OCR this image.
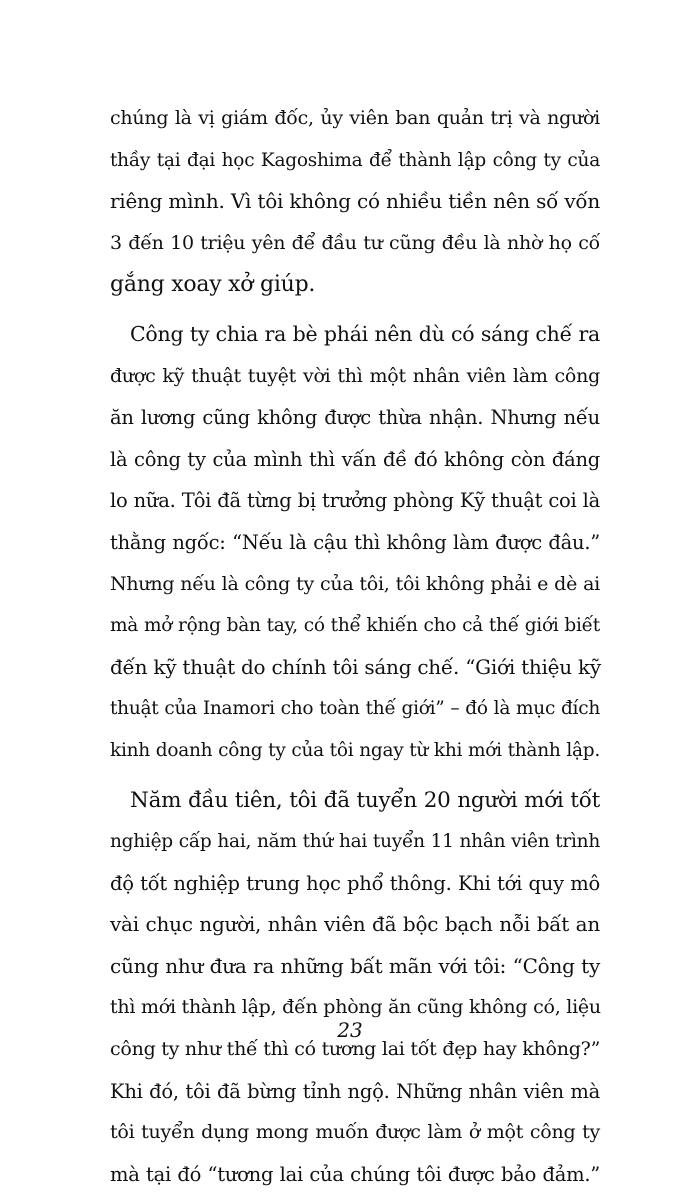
chúng là vị giám đốc, ủy viên ban quản trị và người
thầy tại đại học Kagoshima để thành lập công ty của
riêng mình. Vì tôi không có nhiều tiền nên số vốn
3 đến 10 triệu yên để đầu tư cũng đều là nhờ họ cố
gắng xoay xở giúp.
Công ty chia ra bè phái nên dù có sáng chế ra
được kỹ thuật tuyệt vời thì một nhân viên làm công
ăn lương cũng không được thừa nhận. Nhưng nếu
là công ty của mình thì vấn đề đó không còn đáng
lo nữa. Tôi đã từng bị trưởng phòng Kỹ thuật coi là
thằng ngốc: “Nếu là cậu thì không làm được đâu.”
Nhưng nếu là công ty của tôi, tôi không phải e dè ai
mà mở rộng bàn tay, có thể khiến cho cả thế giới biết
đến kỹ thuật do chính tôi sáng chế. “Giới thiệu kỹ
thuật của Inamori cho toàn thế giới” – đó là mục đích
kinh doanh công ty của tôi ngay từ khi mới thành lập.
Năm đầu tiên, tôi đã tuyển 20 người mới tốt
nghiệp cấp hai, năm thứ hai tuyển 11 nhân viên trình
độ tốt nghiệp trung học phổ thông. Khi tới quy mô
vài chục người, nhân viên đã bộc bạch nỗi bất an
cũng như đưa ra những bất mãn với tôi: “Công ty
thì mới thành lập, đến phòng ăn cũng không có, liệu
công ty như thế thì có tương lai tốt đẹp hay không?”
Khi đó, tôi đã bừng tỉnh ngộ. Những nhân viên mà
tôi tuyển dụng mong muốn được làm ở một công ty
mà tại đó “tương lai của chúng tôi được bảo đảm.”
23
